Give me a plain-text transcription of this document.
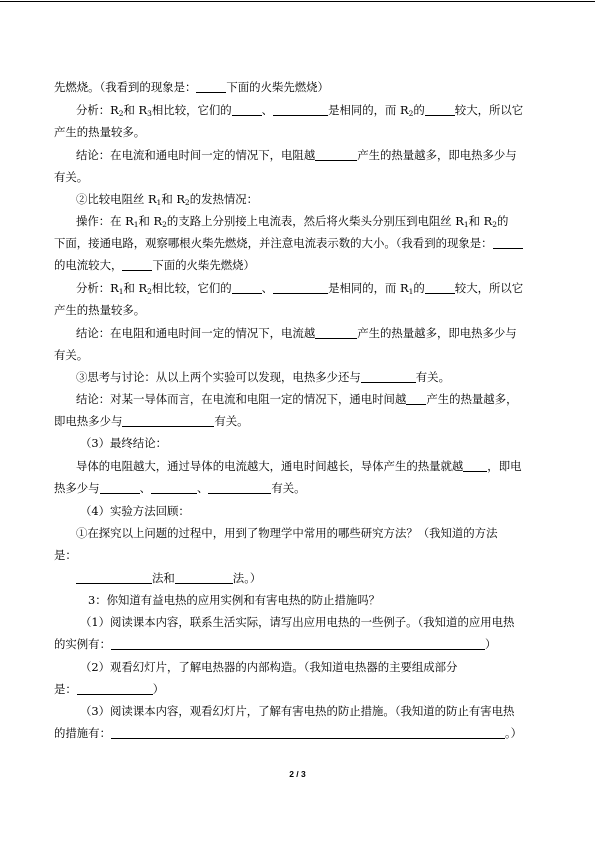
先燃烧。（我看到的现象是：	下面的火柴先燃烧）
分析：$R_2$和 $R_3$相比较，它们的	、	是相同的，而 $R_2$的	较大，所以它
产生的热量较多。
结论：在电流和通电时间一定的情况下，电阻越	产生的热量越多，即电热多少与
有关。
②比较电阻丝 $R_1$和 $R_2$的发热情况：
操作：在 $R_1$和 $R_2$的支路上分别接上电流表，然后将火柴头分别压到电阻丝 $R_1$和 $R_2$的
下面，接通电路，观察哪根火柴先燃烧，并注意电流表示数的大小。（我看到的现象是：
的电流较大，	下面的火柴先燃烧）
分析：$R_1$和 $R_2$相比较，它们的	、	是相同的，而 $R_1$的	较大，所以它
产生的热量较多。
结论：在电阻和通电时间一定的情况下，电流越	产生的热量越多，即电热多少与
有关。
③思考与讨论：从以上两个实验可以发现，电热多少还与	有关。
结论：对某一导体而言，在电流和电阻一定的情况下，通电时间越 产生的热量越多，
即电热多少与	有关。
（3）最终结论：
导体的电阻越大，通过导体的电流越大，通电时间越长，导体产生的热量就越 ，即电
热多少与	、	、	有关。
（4）实验方法回顾：
①在探究以上问题的过程中，用到了物理学中常用的哪些研究方法？（我知道的方法
是：
法和	法。）
3：你知道有益电热的应用实例和有害电热的防止措施吗？
（1）阅读课本内容，联系生活实际，请写出应用电热的一些例子。（我知道的应用电热
的实例有：	）
（2）观看幻灯片，了解电热器的内部构造。（我知道电热器的主要组成部分
是：	）
（3）阅读课本内容，观看幻灯片，了解有害电热的防止措施。（我知道的防止有害电热
的措施有：	。）
2 / 3
